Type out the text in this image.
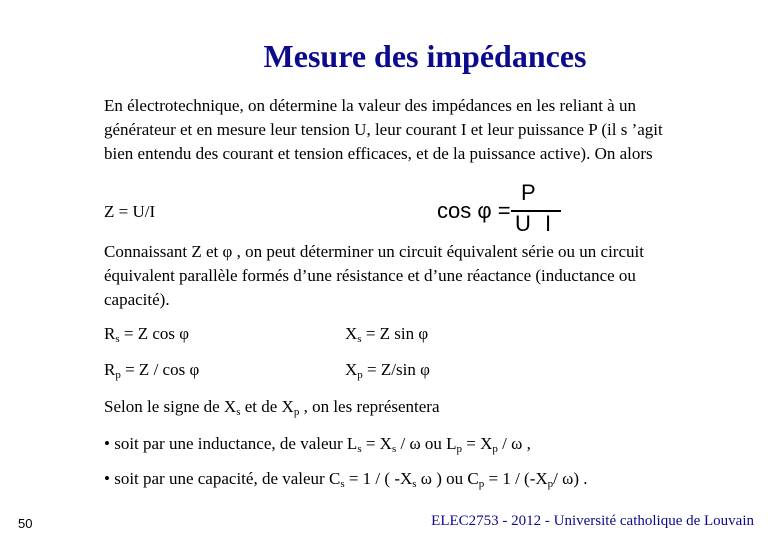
Mesure des impédances
En électrotechnique, on détermine la valeur des impédances en les reliant à un générateur et en mesure leur tension U, leur courant I et leur puissance P (il s ’agit bien entendu des courant et tension efficaces, et de la puissance active). On alors
Z = U/I	cos φ =
P
U I
Connaissant Z et φ , on peut déterminer un circuit équivalent série ou un circuit équivalent parallèle formés d’une résistance et d’une réactance (inductance ou capacité).
$R_s = Z$ cos φ	$X_s = Z$ sin φ
$R_p = Z / \cos \varphi$	$X_p = Z/\sin$ φ
Selon le signe de $X_s$ et de $X_p$ , on les représentera
• soit par une inductance, de valeur $L_s = X_s / \omega$ ou $L_p = X_p / \omega$ ,
• soit par une capacité, de valeur $C_s = 1$ / ( $-X_s$ ω ) ou $C_p = 1 / (-X_p/$ ω) .
50	ELEC2753 - 2012 - Université catholique de Louvain
